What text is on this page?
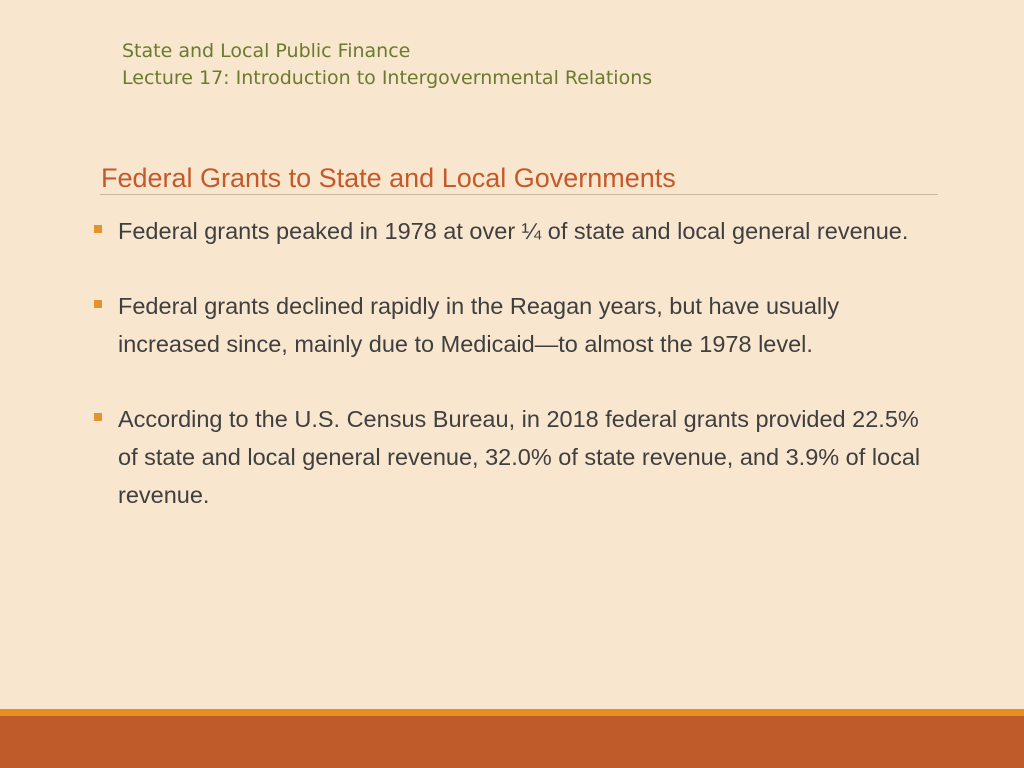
State and Local Public Finance
Lecture 17: Introduction to Intergovernmental Relations
Federal Grants to State and Local Governments
Federal grants peaked in 1978 at over ¼ of state and local general revenue.
Federal grants declined rapidly in the Reagan years, but have usually increased since, mainly due to Medicaid—to almost the 1978 level.
According to the U.S. Census Bureau, in 2018 federal grants provided 22.5% of state and local general revenue, 32.0% of state revenue, and 3.9% of local revenue.
